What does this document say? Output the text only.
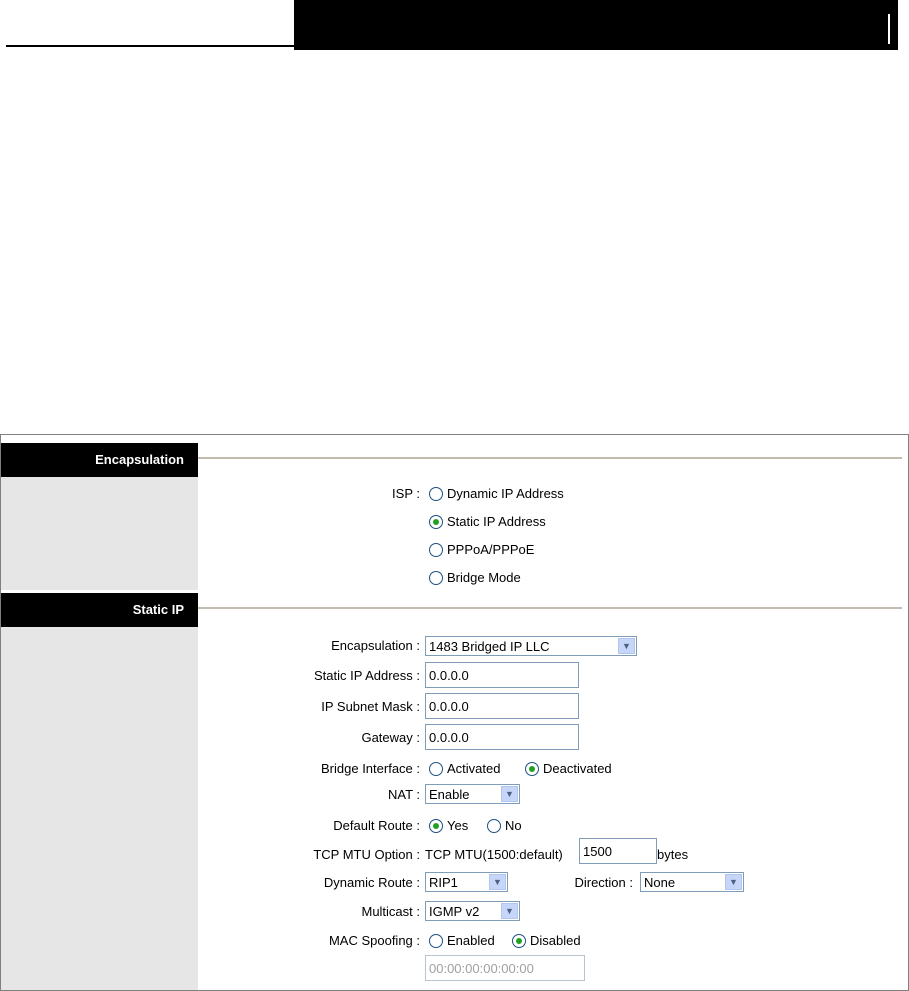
Encapsulation
ISP : Dynamic IP Address
Static IP Address
PPPoA/PPPoE
Bridge Mode
Static IP
Encapsulation : 1483 Bridged IP LLC	▼
Static IP Address : 0.0.0.0
IP Subnet Mask : 0.0.0.0
Gateway : 0.0.0.0
Bridge Interface : Activated	Deactivated
NAT : Enable	▼
Default Route : Yes	No
TCP MTU Option : TCP MTU(1500:default)	1500	bytes
Dynamic Route : RIP1	▼	Direction : None	▼
Multicast : IGMP v2	▼
MAC Spoofing : Enabled	Disabled
00:00:00:00:00:00
